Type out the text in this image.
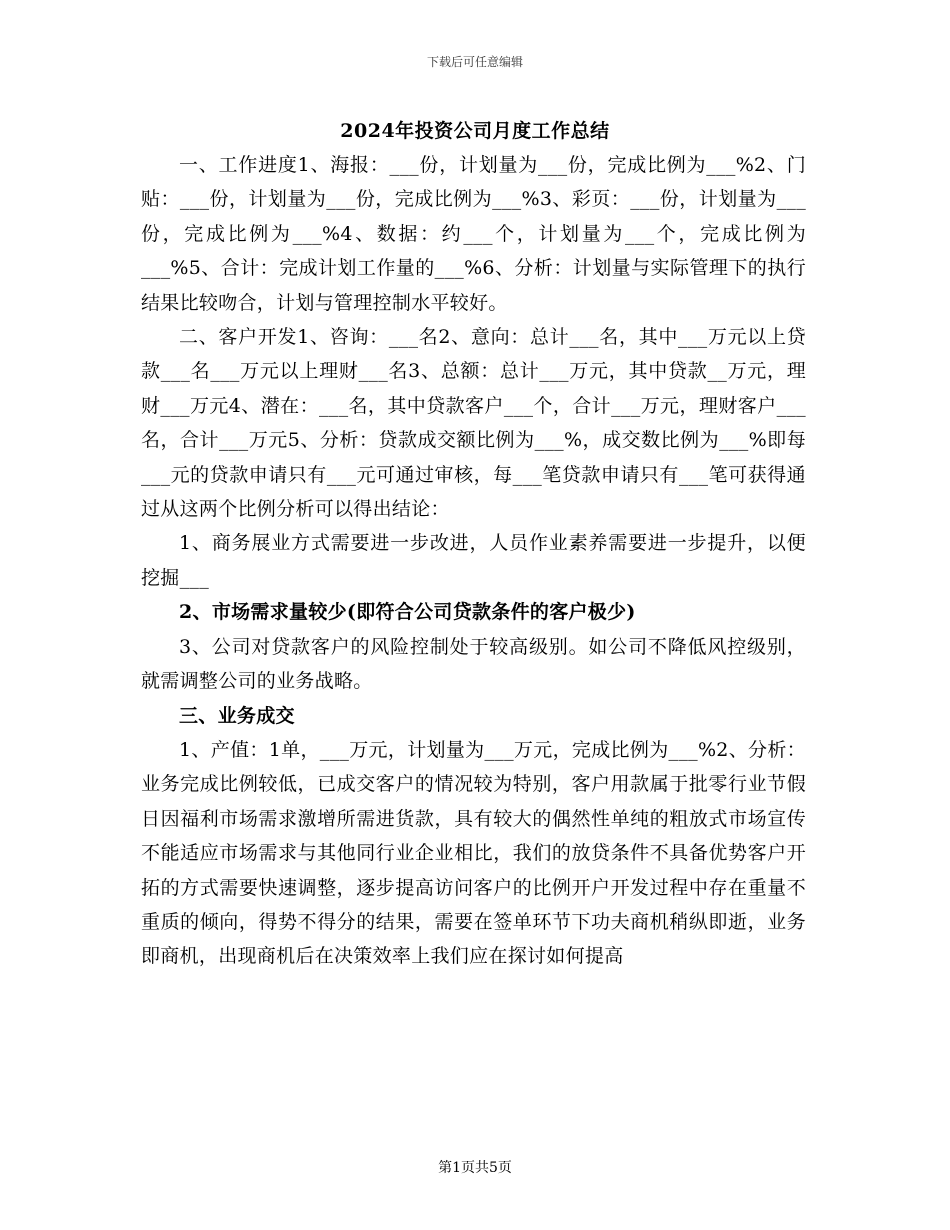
下载后可任意编辑
2024年投资公司月度工作总结

一、工作进度1、海报：___份，计划量为___份，完成比例为___%2、门贴：___份，计划量为___份，完成比例为___%3、彩页：___份，计划量为___份，完成比例为___%4、数据：约___个，计划量为___个，完成比例为___%5、合计：完成计划工作量的___%6、分析：计划量与实际管理下的执行结果比较吻合，计划与管理控制水平较好。

二、客户开发1、咨询：___名2、意向：总计___名，其中___万元以上贷款___名___万元以上理财___名3、总额：总计___万元，其中贷款__万元，理财___万元4、潜在：___名，其中贷款客户___个，合计___万元，理财客户___名，合计___万元5、分析：贷款成交额比例为___%，成交数比例为___%即每___元的贷款申请只有___元可通过审核，每___笔贷款申请只有___笔可获得通过从这两个比例分析可以得出结论：

1、商务展业方式需要进一步改进，人员作业素养需要进一步提升，以便挖掘___

2、市场需求量较少(即符合公司贷款条件的客户极少)

3、公司对贷款客户的风险控制处于较高级别。如公司不降低风控级别，就需调整公司的业务战略。

三、业务成交

1、产值：1单，___万元，计划量为___万元，完成比例为___%2、分析：业务完成比例较低，已成交客户的情况较为特别，客户用款属于批零行业节假日因福利市场需求激增所需进货款，具有较大的偶然性单纯的粗放式市场宣传不能适应市场需求与其他同行业企业相比，我们的放贷条件不具备优势客户开拓的方式需要快速调整，逐步提高访问客户的比例开户开发过程中存在重量不重质的倾向，得势不得分的结果，需要在签单环节下功夫商机稍纵即逝，业务即商机，出现商机后在决策效率上我们应在探讨如何提高

第1页共5页
